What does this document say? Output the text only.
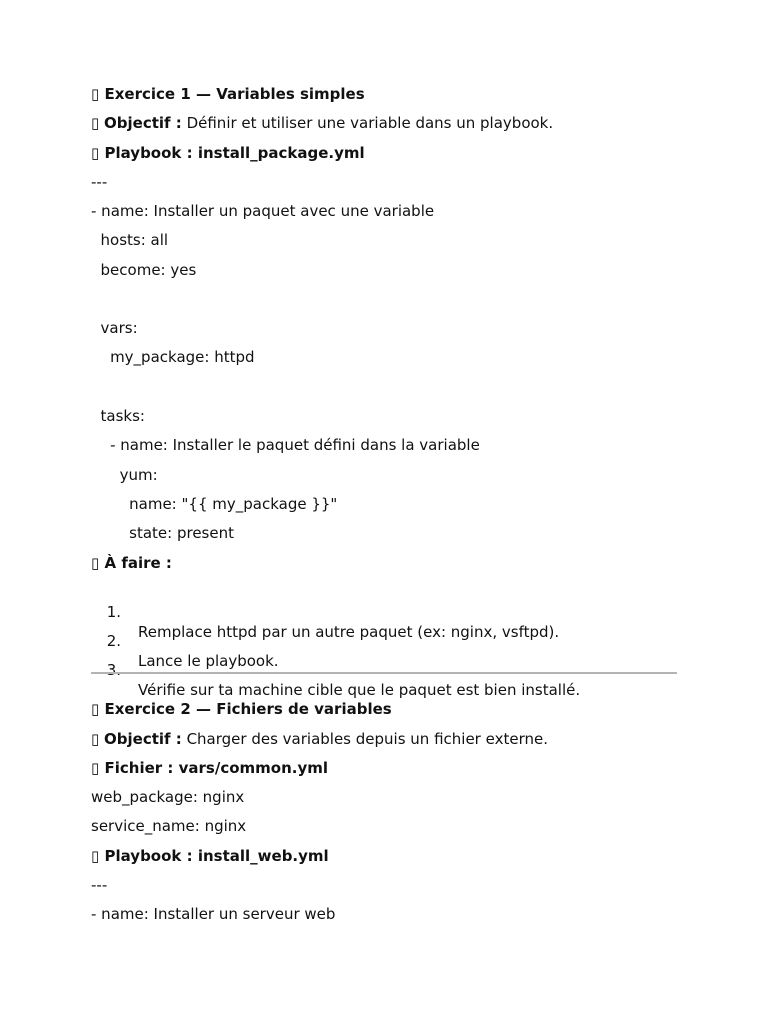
▯ Exercice 1 — Variables simples

▯ Objectif : Définir et utiliser une variable dans un playbook.

▯ Playbook : install_package.yml

---

- name: Installer un paquet avec une variable

hosts: all

become: yes

vars:

my_package: httpd

tasks:

- name: Installer le paquet défini dans la variable

yum:

name: "{{ my_package }}"

state: present

▯ À faire :

1.

Remplace httpd par un autre paquet (ex: nginx, vsftpd).

2.

Lance le playbook.

3.

Vérifie sur ta machine cible que le paquet est bien installé.

▯ Exercice 2 — Fichiers de variables

▯ Objectif : Charger des variables depuis un fichier externe.

▯ Fichier : vars/common.yml

web_package: nginx

service_name: nginx

▯ Playbook : install_web.yml

---

- name: Installer un serveur web
